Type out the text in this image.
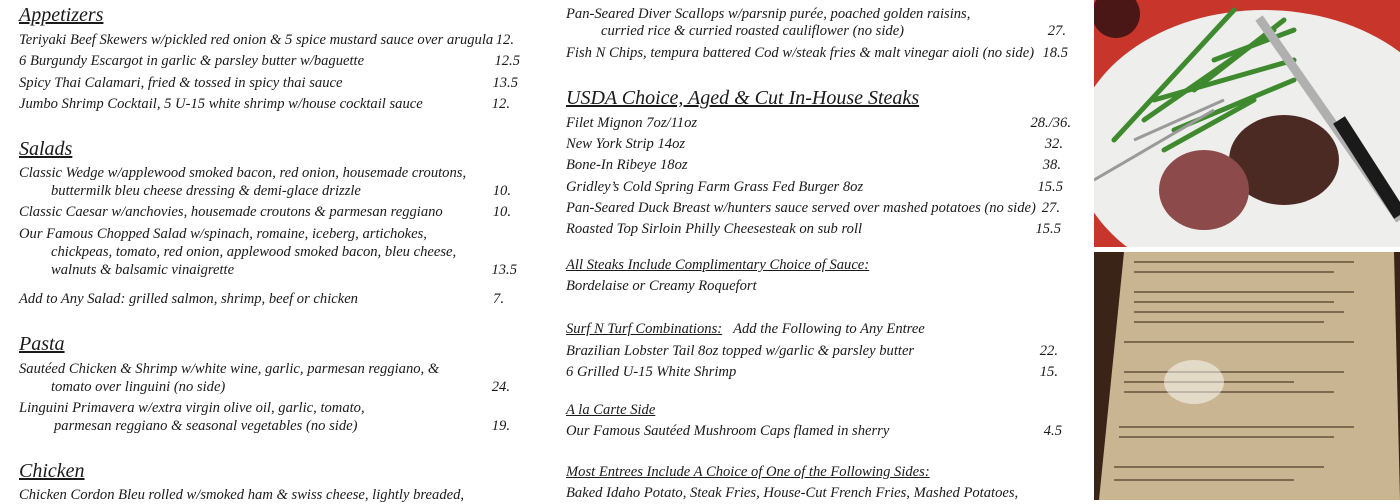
Appetizers
Teriyaki Beef Skewers w/pickled red onion & 5 spice mustard sauce over arugula 12.
6 Burgundy Escargot in garlic & parsley butter w/baguette	12.5
Spicy Thai Calamari, fried & tossed in spicy thai sauce	13.5
Jumbo Shrimp Cocktail, 5 U-15 white shrimp w/house cocktail sauce	12.
Salads
Classic Wedge w/applewood smoked bacon, red onion, housemade croutons,
buttermilk bleu cheese dressing & demi-glace drizzle	10.
Classic Caesar w/anchovies, housemade croutons & parmesan reggiano	10.
Our Famous Chopped Salad w/spinach, romaine, iceberg, artichokes,
chickpeas, tomato, red onion, applewood smoked bacon, bleu cheese,
walnuts & balsamic vinaigrette	13.5
Add to Any Salad: grilled salmon, shrimp, beef or chicken	7.
Pasta
Sautéed Chicken & Shrimp w/white wine, garlic, parmesan reggiano, &
tomato over linguini (no side)	24.
Linguini Primavera w/extra virgin olive oil, garlic, tomato,
parmesan reggiano & seasonal vegetables (no side)	19.
Chicken
Chicken Cordon Bleu rolled w/smoked ham & swiss cheese, lightly breaded,
Pan-Seared Diver Scallops w/parsnip purée, poached golden raisins,
curried rice & curried roasted cauliflower (no side)	27.
Fish N Chips, tempura battered Cod w/steak fries & malt vinegar aioli (no side) 18.5
USDA Choice, Aged & Cut In-House Steaks
Filet Mignon 7oz/11oz	28./36.
New York Strip 14oz	32.
Bone-In Ribeye 18oz	38.
Gridley’s Cold Spring Farm Grass Fed Burger 8oz	15.5
Pan-Seared Duck Breast w/hunters sauce served over mashed potatoes (no side) 27.
Roasted Top Sirloin Philly Cheesesteak on sub roll	15.5
All Steaks Include Complimentary Choice of Sauce:
Bordelaise or Creamy Roquefort
Surf N Turf Combinations: Add the Following to Any Entree
Brazilian Lobster Tail 8oz topped w/garlic & parsley butter	22.
6 Grilled U-15 White Shrimp	15.
A la Carte Side
Our Famous Sautéed Mushroom Caps flamed in sherry	4.5
Most Entrees Include A Choice of One of the Following Sides:
Baked Idaho Potato, Steak Fries, House-Cut French Fries, Mashed Potatoes,
